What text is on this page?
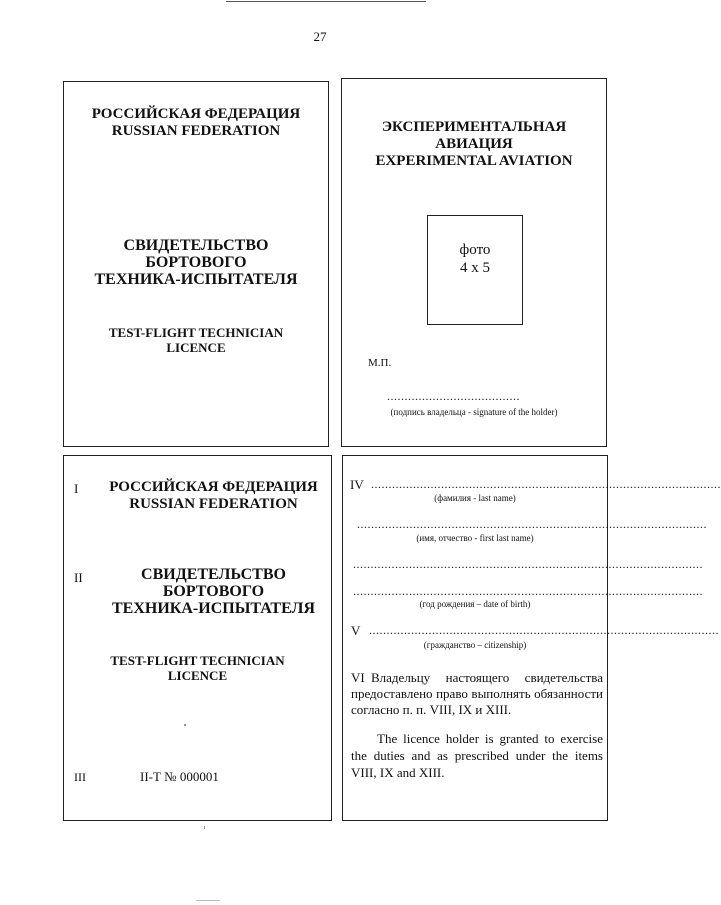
27
РОССИЙСКАЯ ФЕДЕРАЦИЯ
RUSSIAN FEDERATION
СВИДЕТЕЛЬСТВО
БОРТОВОГО
ТЕХНИКА-ИСПЫТАТЕЛЯ
TEST-FLIGHT TECHNICIAN
LICENCE
ЭКСПЕРИМЕНТАЛЬНАЯ
АВИАЦИЯ
EXPERIMENTAL AVIATION
фото
4 x 5
М.П.
......................................
(подпись владельца - signature of the holder)
I	РОССИЙСКАЯ ФЕДЕРАЦИЯ
RUSSIAN FEDERATION
II	СВИДЕТЕЛЬСТВО
БОРТОВОГО
ТЕХНИКА-ИСПЫТАТЕЛЯ
TEST-FLIGHT TECHNICIAN
LICENCE
III	II-Т № 000001
IV ....................................................................................................
(фамилия - last name)
....................................................................................................
(имя, отчество - first last name)
....................................................................................................
....................................................................................................
(год рождения – date of birth)
V ....................................................................................................
(гражданство – citizenship)
VI Владельцу настоящего свидетельства предоставлено право выполнять обязанности согласно п. п. VIII, IX и XIII.
The licence holder is granted to exercise the duties and as prescribed under the items VIII, IX and XIII.
